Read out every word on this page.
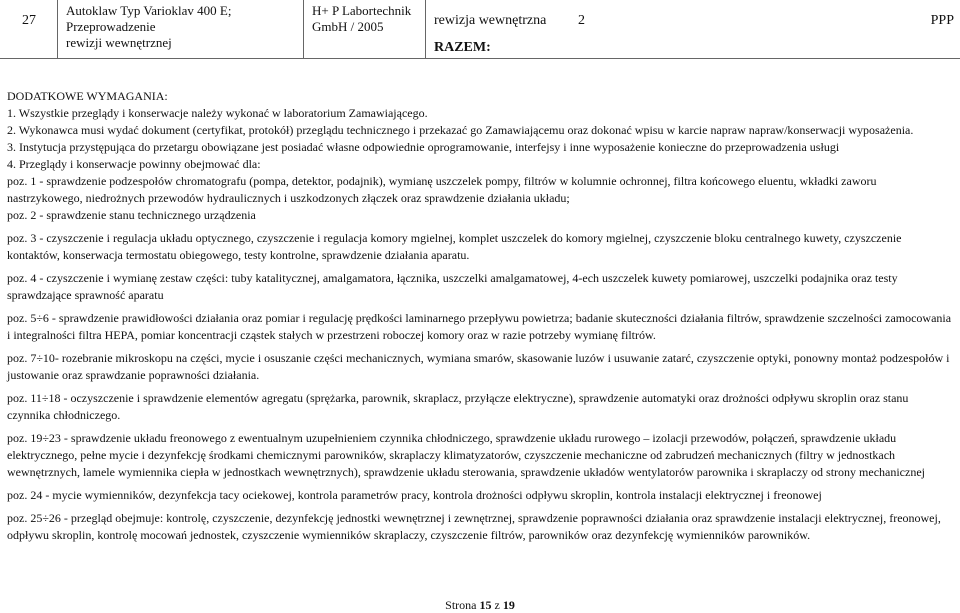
27
Autoklaw Typ Varioklav 400 E; Przeprowadzenie
rewizji wewnętrznej
H+ P Labortechnik
GmbH / 2005	rewizja wewnętrzna 2	PPP
RAZEM:

DODATKOWE WYMAGANIA:

1. Wszystkie przeglądy i konserwacje należy wykonać w laboratorium Zamawiającego.

2. Wykonawca musi wydać dokument (certyfikat, protokół) przeglądu technicznego i przekazać go Zamawiającemu oraz dokonać wpisu w karcie napraw napraw/konserwacji wyposażenia.

3. Instytucja przystępująca do przetargu obowiązane jest posiadać własne odpowiednie oprogramowanie, interfejsy i inne wyposażenie konieczne do przeprowadzenia usługi

4. Przeglądy i konserwacje powinny obejmować dla:

poz. 1 - sprawdzenie podzespołów chromatografu (pompa, detektor, podajnik), wymianę uszczelek pompy, filtrów w kolumnie ochronnej, filtra końcowego eluentu, wkładki zaworu nastrzykowego, niedrożnych przewodów hydraulicznych i uszkodzonych złączek oraz sprawdzenie działania układu;

poz. 2 - sprawdzenie stanu technicznego urządzenia

poz. 3 - czyszczenie i regulacja układu optycznego, czyszczenie i regulacja komory mgielnej, komplet uszczelek do komory mgielnej, czyszczenie bloku centralnego kuwety, czyszczenie kontaktów, konserwacja termostatu obiegowego, testy kontrolne, sprawdzenie działania aparatu.

poz. 4 - czyszczenie i wymianę zestaw części: tuby katalitycznej, amalgamatora, łącznika, uszczelki amalgamatowej, 4-ech uszczelek kuwety pomiarowej, uszczelki podajnika oraz testy sprawdzające sprawność aparatu

poz. 5÷6 - sprawdzenie prawidłowości działania oraz pomiar i regulację prędkości laminarnego przepływu powietrza; badanie skuteczności działania filtrów, sprawdzenie szczelności zamocowania i integralności filtra HEPA, pomiar koncentracji cząstek stałych w przestrzeni roboczej komory oraz w razie potrzeby wymianę filtrów.

poz. 7÷10- rozebranie mikroskopu na części, mycie i osuszanie części mechanicznych, wymiana smarów, skasowanie luzów i usuwanie zatarć, czyszczenie optyki, ponowny montaż podzespołów i justowanie oraz sprawdzanie poprawności działania.

poz. 11÷18 - oczyszczenie i sprawdzenie elementów agregatu (sprężarka, parownik, skraplacz, przyłącze elektryczne), sprawdzenie automatyki oraz drożności odpływu skroplin oraz stanu czynnika chłodniczego.

poz. 19÷23 - sprawdzenie układu freonowego z ewentualnym uzupełnieniem czynnika chłodniczego, sprawdzenie układu rurowego – izolacji przewodów, połączeń, sprawdzenie układu elektrycznego, pełne mycie i dezynfekcję środkami chemicznymi parowników, skraplaczy klimatyzatorów, czyszczenie mechaniczne od zabrudzeń mechanicznych (filtry w jednostkach wewnętrznych, lamele wymiennika ciepła w jednostkach wewnętrznych), sprawdzenie układu sterowania, sprawdzenie układów wentylatorów parownika i skraplaczy od strony mechanicznej

poz. 24 - mycie wymienników, dezynfekcja tacy ociekowej, kontrola parametrów pracy, kontrola drożności odpływu skroplin, kontrola instalacji elektrycznej i freonowej

poz. 25÷26 - przegląd obejmuje: kontrolę, czyszczenie, dezynfekcję jednostki wewnętrznej i zewnętrznej, sprawdzenie poprawności działania oraz sprawdzenie instalacji elektrycznej, freonowej, odpływu skroplin, kontrolę mocowań jednostek, czyszczenie wymienników skraplaczy, czyszczenie filtrów, parowników oraz dezynfekcję wymienników parowników.

Strona 15 z 19
